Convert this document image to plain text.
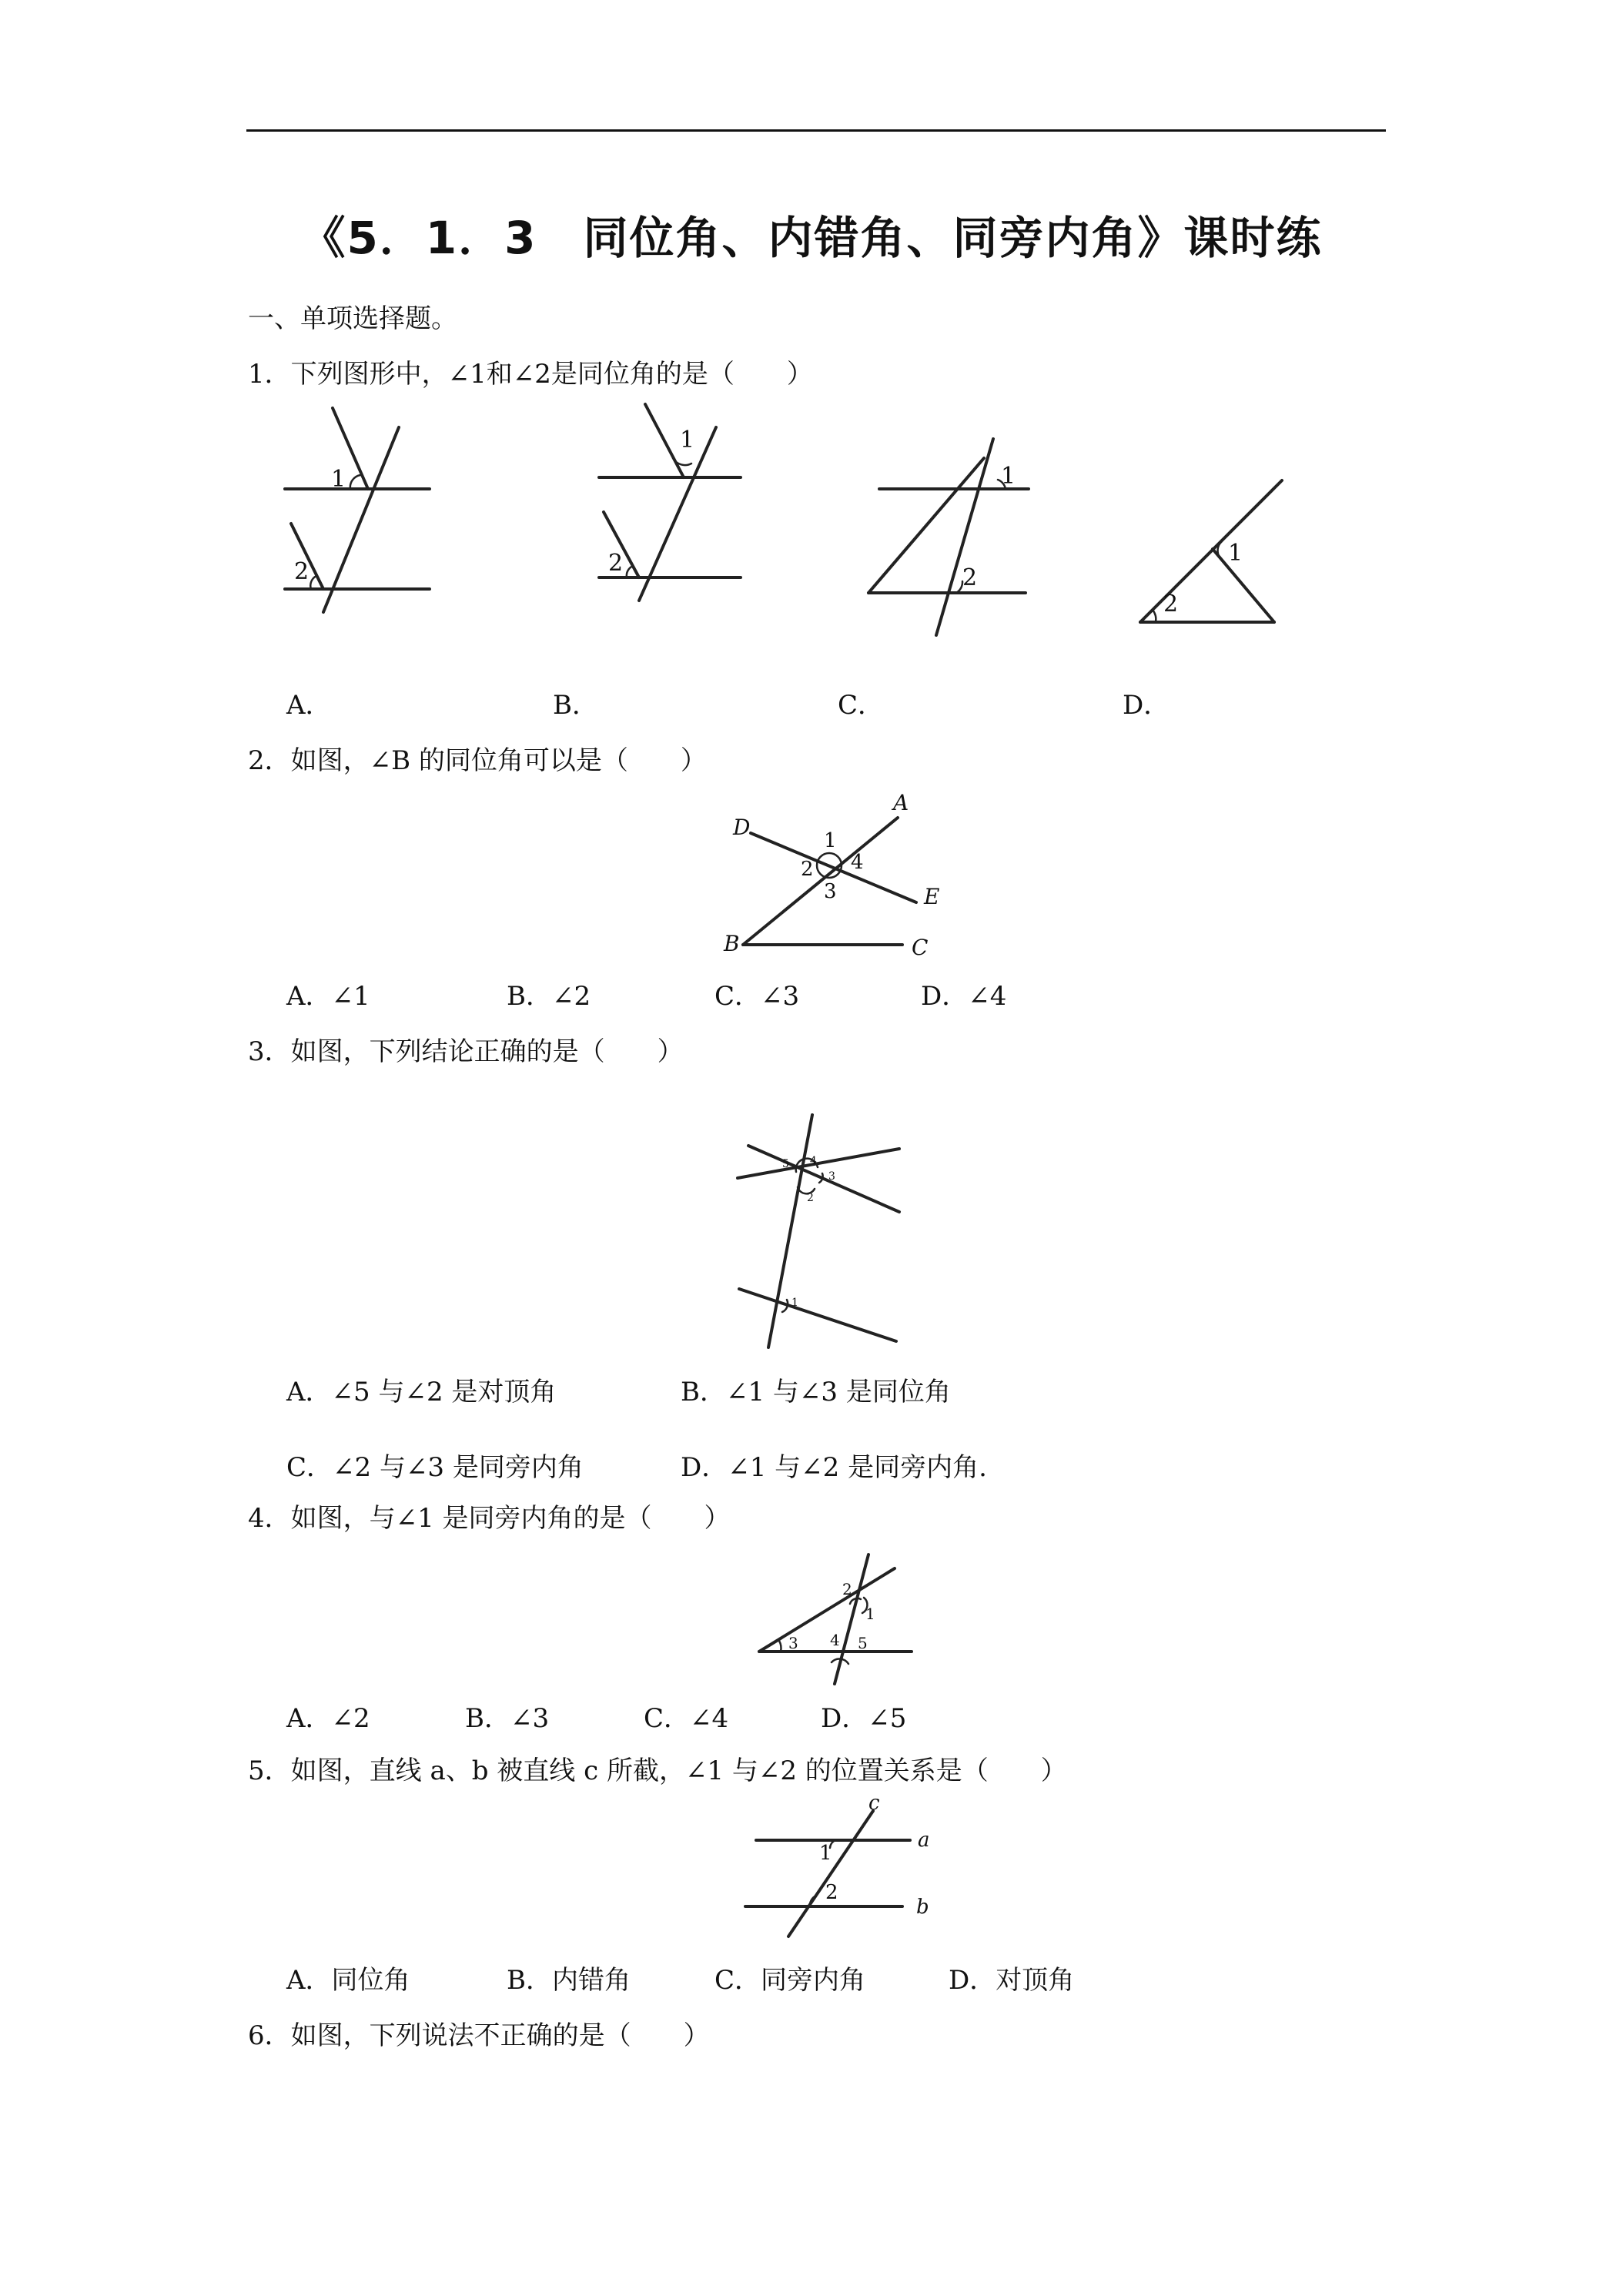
《5．1．3　同位角、内错角、同旁内角》课时练
一、单项选择题。
1．下列图形中，∠1和∠2是同位角的是（　　）
1
2
1
2
1
2
1
2
A．	B．	C．	D．
2．如图，∠B 的同位角可以是（　　）
D
A
E
B	C
1
2
3
4
A．∠1	B．∠2	C．∠3	D．∠4
3．如图，下列结论正确的是（　　）
5 4
3
2
1
A．∠5 与∠2 是对顶角	B．∠1 与∠3 是同位角
C．∠2 与∠3 是同旁内角	D．∠1 与∠2 是同旁内角.
4．如图，与∠1 是同旁内角的是（　　）
2
1
3 4 5
A．∠2	B．∠3	C．∠4	D．∠5
5．如图，直线 a、b 被直线 c 所截，∠1 与∠2 的位置关系是（　　）
c
a
b
1
2
A．同位角	B．内错角	C．同旁内角	D．对顶角
6．如图，下列说法不正确的是（　　）
